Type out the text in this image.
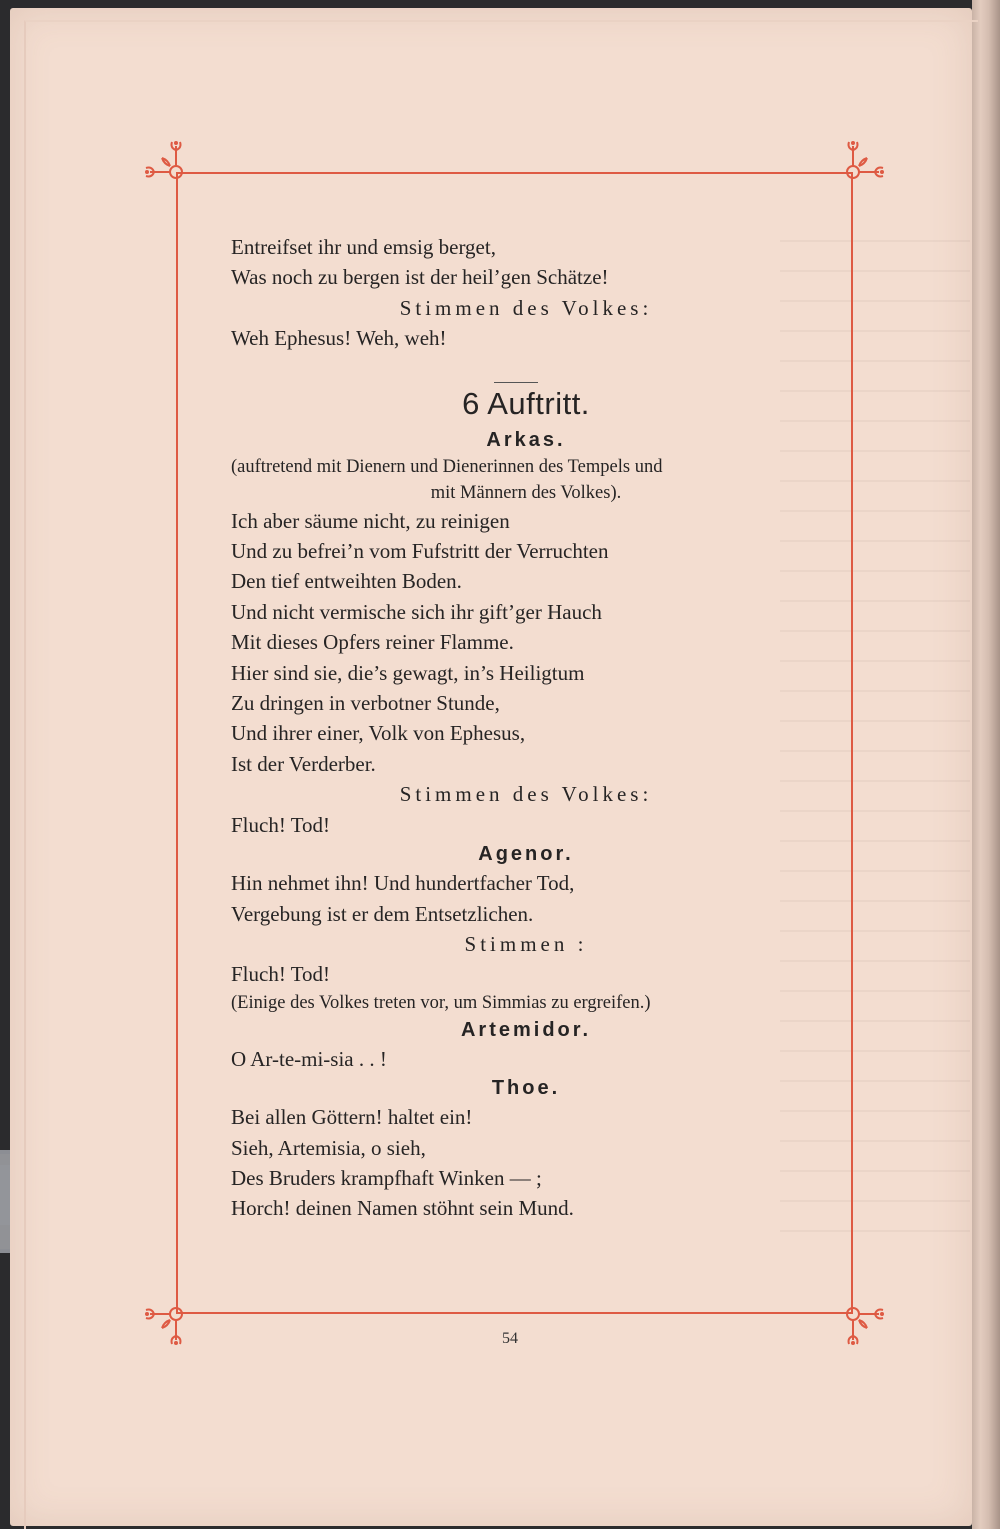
Entreifset ihr und emsig berget,
Was noch zu bergen ist der heil’gen Schätze!
Stimmen des Volkes:
Weh Ephesus! Weh, weh!
6 Auftritt.
Arkas.
(auftretend mit Dienern und Dienerinnen des Tempels und
mit Männern des Volkes).
Ich aber säume nicht, zu reinigen
Und zu befrei’n vom Fufstritt der Verruchten
Den tief entweihten Boden.
Und nicht vermische sich ihr gift’ger Hauch
Mit dieses Opfers reiner Flamme.
Hier sind sie, die’s gewagt, in’s Heiligtum
Zu dringen in verbotner Stunde,
Und ihrer einer, Volk von Ephesus,
Ist der Verderber.
Stimmen des Volkes:
Fluch! Tod!
Agenor.
Hin nehmet ihn! Und hundertfacher Tod,
Vergebung ist er dem Entsetzlichen.
Stimmen :
Fluch! Tod!
(Einige des Volkes treten vor, um Simmias zu ergreifen.)
Artemidor.
O Ar-te-mi-sia . . !
Thoe.
Bei allen Göttern! haltet ein!
Sieh, Artemisia, o sieh,
Des Bruders krampfhaft Winken — ;
Horch! deinen Namen stöhnt sein Mund.
54
